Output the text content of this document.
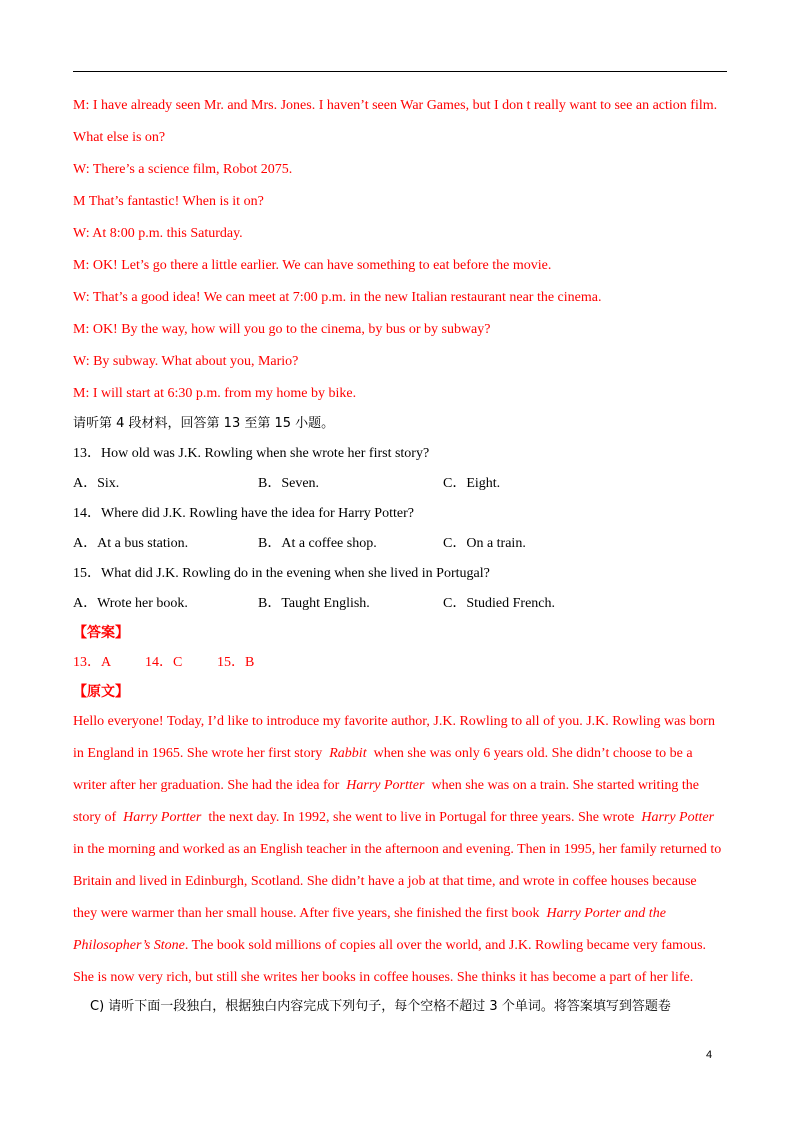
M: I have already seen Mr. and Mrs. Jones. I haven’t seen War Games, but I don t really want to see an action film.
What else is on?
W: There’s a science film, Robot 2075.
M That’s fantastic! When is it on?
W: At 8:00 p.m. this Saturday.
M: OK! Let’s go there a little earlier. We can have something to eat before the movie.
W: That’s a good idea! We can meet at 7:00 p.m. in the new Italian restaurant near the cinema.
M: OK! By the way, how will you go to the cinema, by bus or by subway?
W: By subway. What about you, Mario?
M: I will start at 6:30 p.m. from my home by bike.
请听第 4 段材料，回答第 13 至第 15 小题。
13．How old was J.K. Rowling when she wrote her first story?
A．Six.	B．Seven.	C．Eight.
14．Where did J.K. Rowling have the idea for Harry Potter?
A．At a bus station.	B．At a coffee shop.	C．On a train.
15．What did J.K. Rowling do in the evening when she lived in Portugal?
A．Wrote her book.	B．Taught English.	C．Studied French.
【答案】
13．A 14．C 15．B
【原文】
Hello everyone! Today, I’d like to introduce my favorite author, J.K. Rowling to all of you. J.K. Rowling was born
in England in 1965. She wrote her first story Rabbit when she was only 6 years old. She didn’t choose to be a
writer after her graduation. She had the idea for Harry Portter when she was on a train. She started writing the
story of Harry Portter the next day. In 1992, she went to live in Portugal for three years. She wrote Harry Potter
in the morning and worked as an English teacher in the afternoon and evening. Then in 1995, her family returned to
Britain and lived in Edinburgh, Scotland. She didn’t have a job at that time, and wrote in coffee houses because
they were warmer than her small house. After five years, she finished the first book Harry Porter and the
Philosopher’s Stone. The book sold millions of copies all over the world, and J.K. Rowling became very famous.
She is now very rich, but still she writes her books in coffee houses. She thinks it has become a part of her life.
C) 请听下面一段独白，根据独白内容完成下列句子，每个空格不超过 3 个单词。将答案填写到答题卷
4
